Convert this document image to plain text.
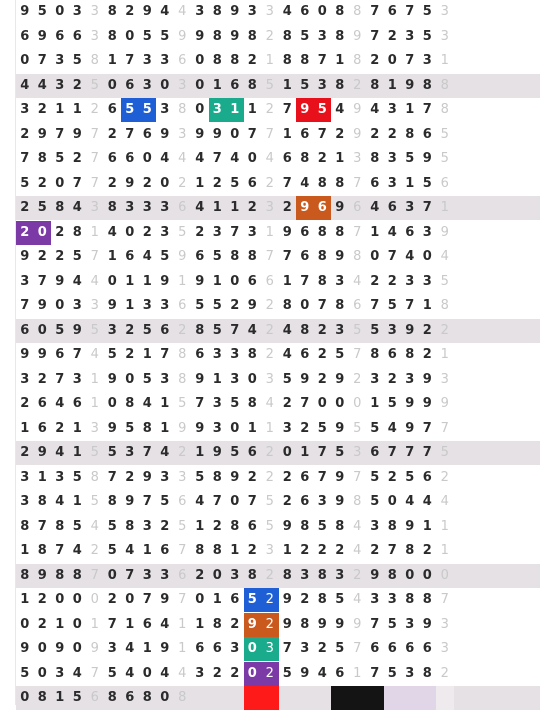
9 5 0 3 3 8 2 9 4 4 3 8 9 3 3 4 6 0 8 8 7 6 7 5 3
6 9 6 6 3 8 0 5 5 9 9 8 9 8 2 8 5 3 8 9 7 2 3 5 3
0 7 3 5 8 1 7 3 3 6 0 8 8 2 1 8 8 7 1 8 2 0 7 3 1
4 4 3 2 5 0 6 3 0 3 0 1 6 8 5 1 5 3 8 2 8 1 9 8 8
3 2 1 1 2 6 5 5 3 8 0 3 1 1 2 7 9 5 4 9 4 3 1 7 8
2 9 7 9 7 2 7 6 9 3 9 9 0 7 7 1 6 7 2 9 2 2 8 6 5
7 8 5 2 7 6 6 0 4 4 4 7 4 0 4 6 8 2 1 3 8 3 5 9 5
5 2 0 7 7 2 9 2 0 2 1 2 5 6 2 7 4 8 8 7 6 3 1 5 6
2 5 8 4 3 8 3 3 3 6 4 1 1 2 3 2 9 6 9 6 4 6 3 7 1
2 0 2 8 1 4 0 2 3 5 2 3 7 3 1 9 6 8 8 7 1 4 6 3 9
9 2 2 5 7 1 6 4 5 9 6 5 8 8 7 7 6 8 9 8 0 7 4 0 4
3 7 9 4 4 0 1 1 9 1 9 1 0 6 6 1 7 8 3 4 2 2 3 3 5
7 9 0 3 3 9 1 3 3 6 5 5 2 9 2 8 0 7 8 6 7 5 7 1 8
6 0 5 9 5 3 2 5 6 2 8 5 7 4 2 4 8 2 3 5 5 3 9 2 2
9 9 6 7 4 5 2 1 7 8 6 3 3 8 2 4 6 2 5 7 8 6 8 2 1
3 2 7 3 1 9 0 5 3 8 9 1 3 0 3 5 9 2 9 2 3 2 3 9 3
2 6 4 6 1 0 8 4 1 5 7 3 5 8 4 2 7 0 0 0 1 5 9 9 9
1 6 2 1 3 9 5 8 1 9 9 3 0 1 1 3 2 5 9 5 5 4 9 7 7
2 9 4 1 5 5 3 7 4 2 1 9 5 6 2 0 1 7 5 3 6 7 7 7 5
3 1 3 5 8 7 2 9 3 3 5 8 9 2 2 2 6 7 9 7 5 2 5 6 2
3 8 4 1 5 8 9 7 5 6 4 7 0 7 5 2 6 3 9 8 5 0 4 4 4
8 7 8 5 4 5 8 3 2 5 1 2 8 6 5 9 8 5 8 4 3 8 9 1 1
1 8 7 4 2 5 4 1 6 7 8 8 1 2 3 1 2 2 2 4 2 7 8 2 1
8 9 8 8 7 0 7 3 3 6 2 0 3 8 2 8 3 8 3 2 9 8 0 0 0
1 2 0 0 0 2 0 7 9 7 0 1 6 5 2 9 2 8 5 4 3 3 8 8 7
0 2 1 0 1 7 1 6 4 1 1 8 2 9 2 9 8 9 9 9 7 5 3 9 3
9 0 9 0 9 3 4 1 9 1 6 6 3 0 3 7 3 2 5 7 6 6 6 6 3
5 0 3 4 7 5 4 0 4 4 3 2 2 0 2 5 9 4 6 1 7 5 3 8 2
0 8 1 5 6 8 6 8 0 8
